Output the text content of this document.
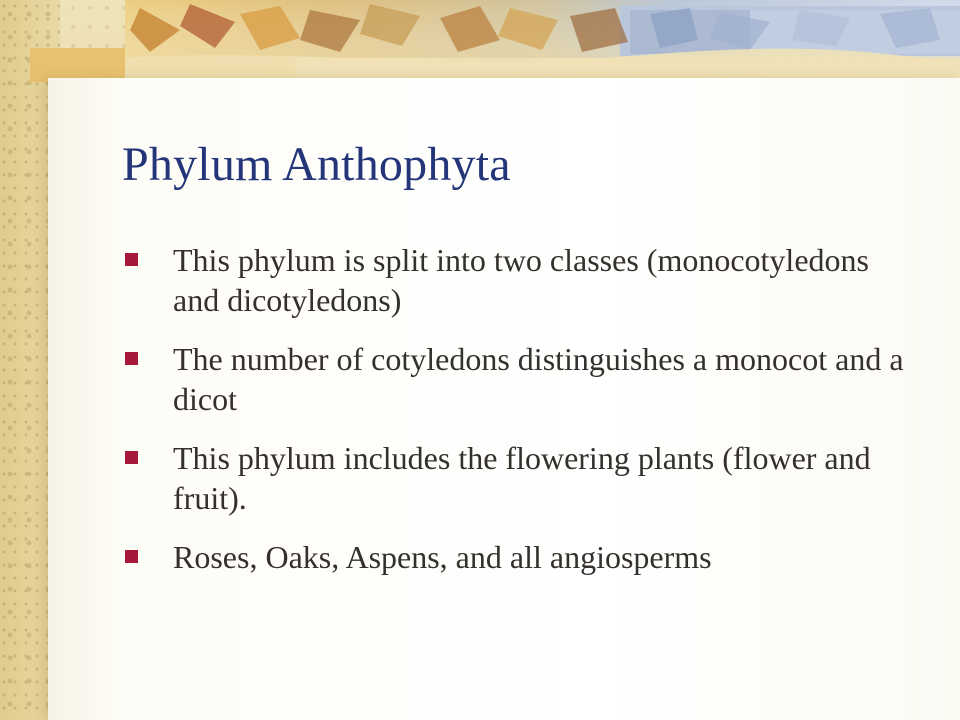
Phylum Anthophyta
This phylum is split into two classes (monocotyledons and dicotyledons)
The number of cotyledons distinguishes a monocot and a dicot
This phylum includes the flowering plants (flower and fruit).
Roses, Oaks, Aspens, and all angiosperms
